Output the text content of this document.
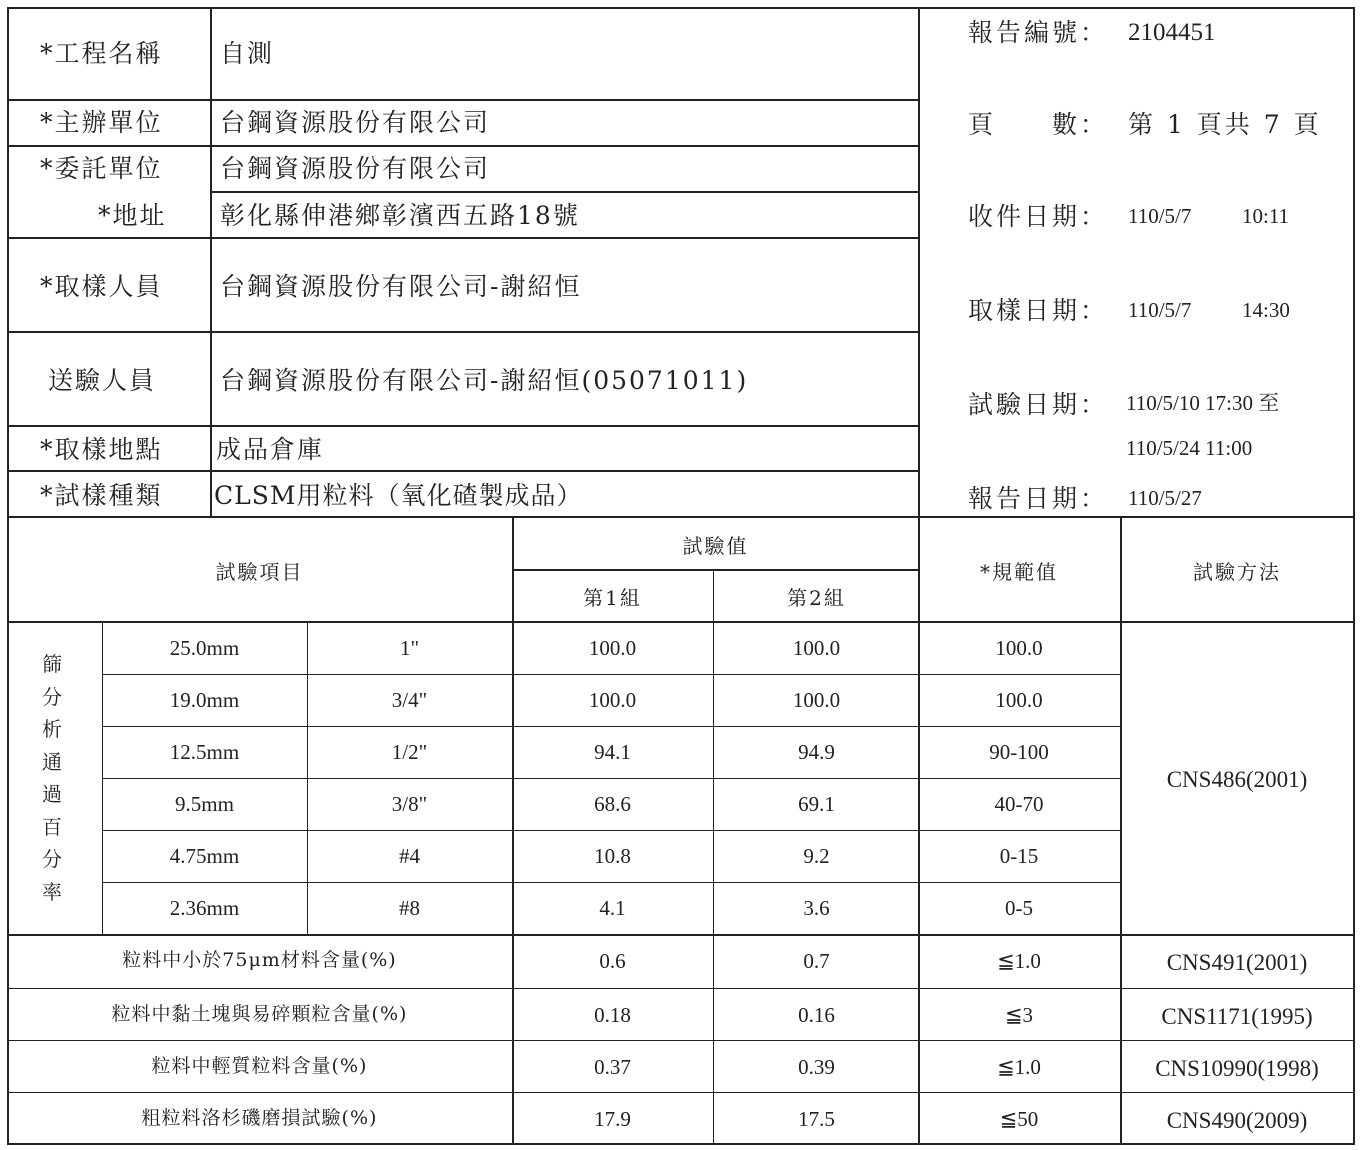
*工程名稱 自測
*主辦單位 台鋼資源股份有限公司
*委託單位 台鋼資源股份有限公司
*地址 彰化縣伸港鄉彰濱西五路18號
*取樣人員 台鋼資源股份有限公司-謝紹恒
送驗人員	台鋼資源股份有限公司-謝紹恒(05071011)
*取樣地點 成品倉庫
*試樣種類 CLSM用粒料（氧化碴製成品）
報告編號： 2104451
頁　　數： 第 1 頁共 7 頁
收件日期： 110/5/7 10:11
取樣日期： 110/5/7 14:30
試驗日期： 110/5/10 17:30 至
110/5/24 11:00
報告日期： 110/5/27
試驗項目
試驗值
第1組	第2組
*規範值	試驗方法
篩分析通過百分率
25.0mm	1"	100.0	100.0	100.0
19.0mm	3/4"	100.0	100.0	100.0
12.5mm	1/2"	94.1	94.9	90-100
9.5mm	3/8"	68.6	69.1	40-70
4.75mm	#4	10.8	9.2	0-15
2.36mm	#8	4.1	3.6	0-5
CNS486(2001)
粒料中小於75μm材料含量(%)	0.6	0.7	≦1.0	CNS491(2001)
粒料中黏土塊與易碎顆粒含量(%)	0.18	0.16	≦3	CNS1171(1995)
粒料中輕質粒料含量(%)	0.37	0.39	≦1.0	CNS10990(1998)
粗粒料洛杉磯磨損試驗(%)	17.9	17.5	≦50	CNS490(2009)
